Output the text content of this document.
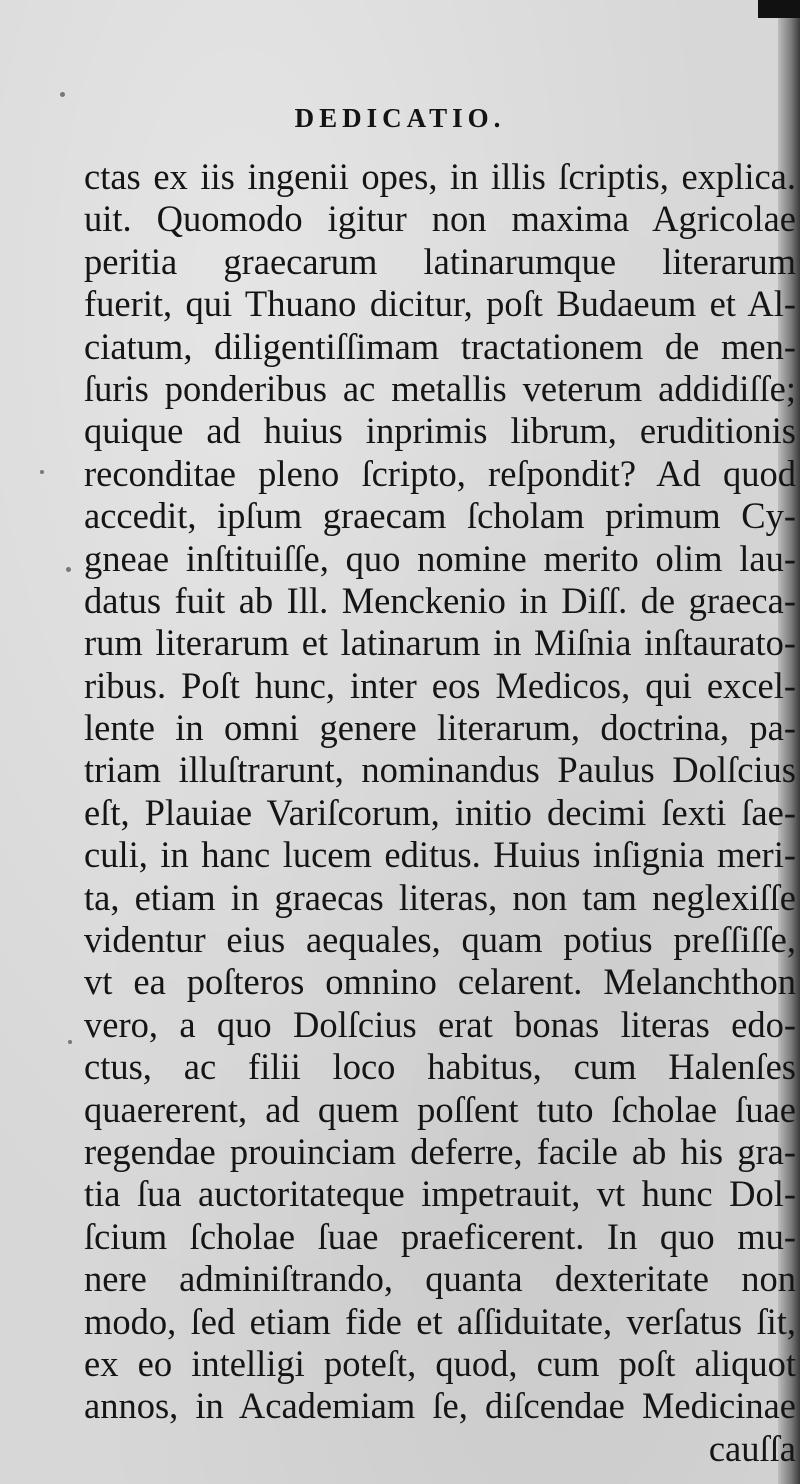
DEDICATIO.
ctas ex iis ingenii opes, in illis ſcriptis, explica.
uit. Quomodo igitur non maxima Agricolae
peritia graecarum latinarumque literarum
fuerit, qui Thuano dicitur, poſt Budaeum et Al-
ciatum, diligentiſſimam tractationem de men-
ſuris ponderibus ac metallis veterum addidiſſe;
quique ad huius inprimis librum, eruditionis
reconditae pleno ſcripto, reſpondit? Ad quod
accedit, ipſum graecam ſcholam primum Cy-
gneae inſtituiſſe, quo nomine merito olim lau-
datus fuit ab Ill. Menckenio in Diſſ. de graeca-
rum literarum et latinarum in Miſnia inſtaurato-
ribus. Poſt hunc, inter eos Medicos, qui excel-
lente in omni genere literarum, doctrina, pa-
triam illuſtrarunt, nominandus Paulus Dolſcius
eſt, Plauiae Variſcorum, initio decimi ſexti ſae-
culi, in hanc lucem editus. Huius inſignia meri-
ta, etiam in graecas literas, non tam neglexiſſe
videntur eius aequales, quam potius preſſiſſe,
vt ea poſteros omnino celarent. Melanchthon
vero, a quo Dolſcius erat bonas literas edo-
ctus, ac filii loco habitus, cum Halenſes
quaererent, ad quem poſſent tuto ſcholae ſuae
regendae prouinciam deferre, facile ab his gra-
tia ſua auctoritateque impetrauit, vt hunc Dol-
ſcium ſcholae ſuae praeficerent. In quo mu-
nere adminiſtrando, quanta dexteritate non
modo, ſed etiam fide et aſſiduitate, verſatus ſit,
ex eo intelligi poteſt, quod, cum poſt aliquot
annos, in Academiam ſe, diſcendae Medicinae
cauſſa
